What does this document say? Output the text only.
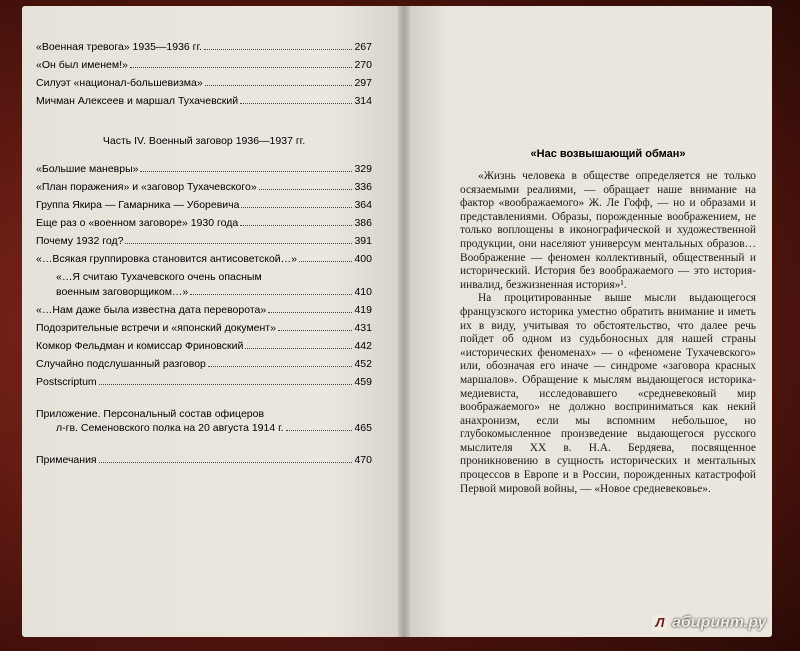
«Военная тревога» 1935—1936 гг.	267
«Он был именем!»	270
Силуэт «национал-большевизма»	297
Мичман Алексеев и маршал Тухачевский	314
Часть IV. Военный заговор 1936—1937 гг.
«Большие маневры»	329
«План поражения» и «заговор Тухачевского»	336
Группа Якира — Гамарника — Уборевича	364
Еще раз о «военном заговоре» 1930 года	386
Почему 1932 год?	391
«…Всякая группировка становится антисоветской…»	400
«…Я считаю Тухачевского очень опасным
военным заговорщиком…»	410
«…Нам даже была известна дата переворота»	419
Подозрительные встречи и «японский документ»	431
Комкор Фельдман и комиссар Фриновский	442
Случайно подслушанный разговор	452
Postscriptum	459
Приложение. Персональный состав офицеров
л-гв. Семеновского полка на 20 августа 1914 г.	465
Примечания	470
«Нас возвышающий обман»

«Жизнь человека в обществе определяется не только осязаемыми реалиями, — обращает наше внимание на фактор «воображаемого» Ж. Ле Гофф, — но и образами и представлениями. Образы, порожденные воображением, не только воплощены в иконографической и художественной продукции, они населяют универсум ментальных образов… Воображение — феномен коллективный, общественный и исторический. История без воображаемого — это история-инвалид, безжизненная история»¹.

На процитированные выше мысли выдающегося французского историка уместно обратить внимание и иметь их в виду, учитывая то обстоятельство, что далее речь пойдет об одном из судьбоносных для нашей страны «исторических феноменах» — о «феномене Тухачевского» или, обозначая его иначе — синдроме «заговора красных маршалов». Обращение к мыслям выдающегося историка-медиевиста, исследовавшего «средневековый мир воображаемого» не должно восприниматься как некий анахронизм, если мы вспомним небольшое, но глубокомысленное произведение выдающегося русского мыслителя XX в. Н.А. Бердяева, посвященное проникновению в сущность исторических и ментальных процессов в Европе и в России, порожденных катастрофой Первой мировой войны, — «Новое средневековье».

Л абиринт.ру
